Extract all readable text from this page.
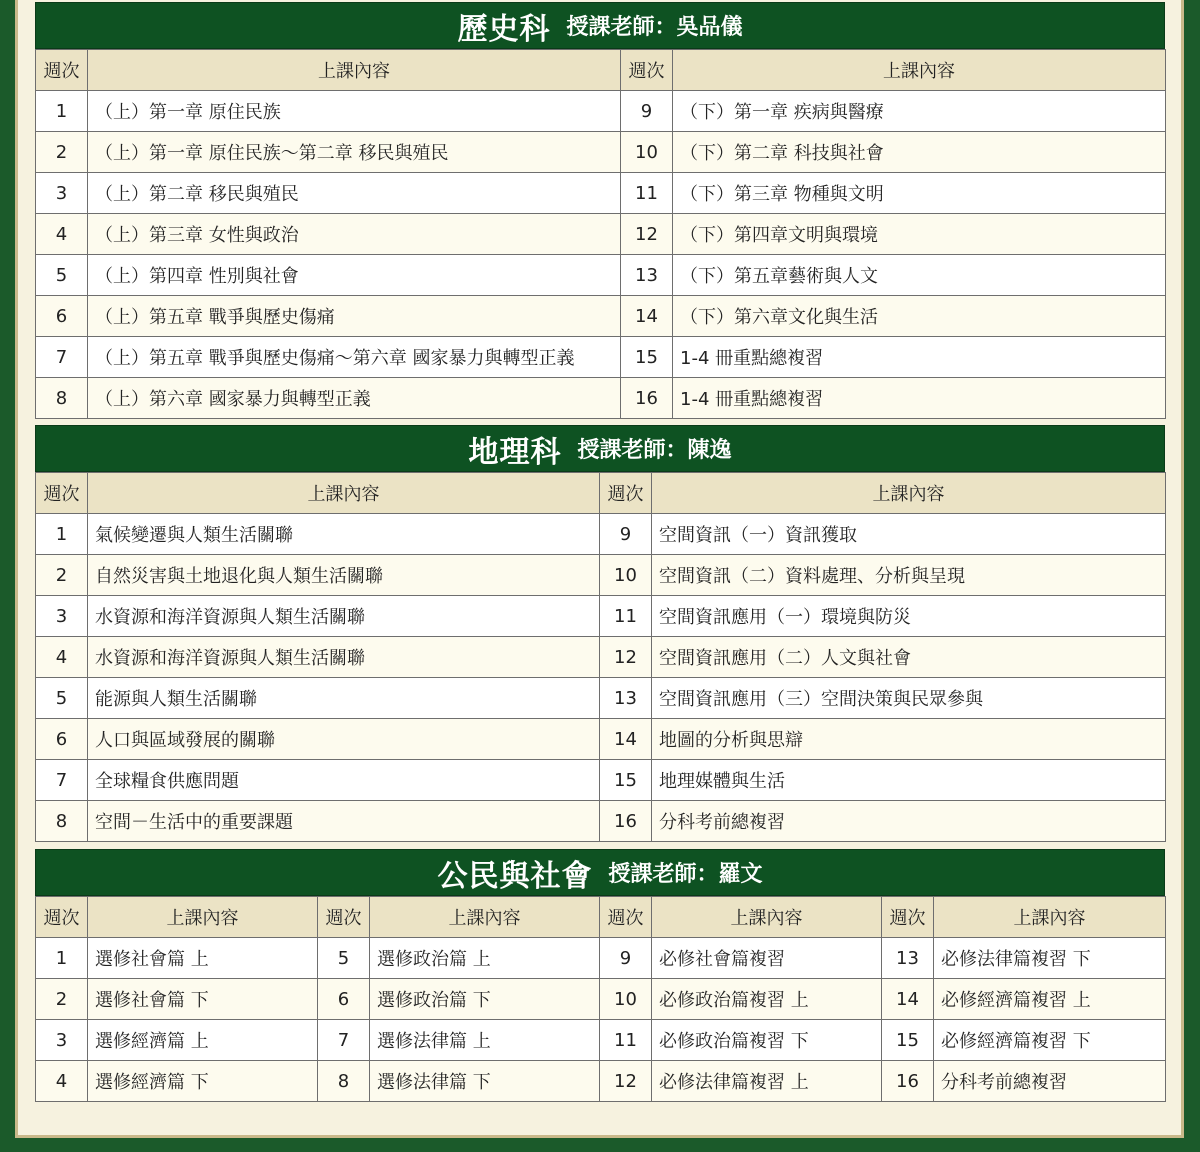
歷史科 授課老師：吳品儀
週次	上課內容	週次	上課內容
1	（上）第一章 原住民族	9	（下）第一章 疾病與醫療
2	（上）第一章 原住民族～第二章 移民與殖民	10	（下）第二章 科技與社會
3	（上）第二章 移民與殖民	11	（下）第三章 物種與文明
4	（上）第三章 女性與政治	12	（下）第四章文明與環境
5	（上）第四章 性別與社會	13	（下）第五章藝術與人文
6	（上）第五章 戰爭與歷史傷痛	14	（下）第六章文化與生活
7	（上）第五章 戰爭與歷史傷痛～第六章 國家暴力與轉型正義	15	1-4 冊重點總複習
8	（上）第六章 國家暴力與轉型正義	16	1-4 冊重點總複習
地理科 授課老師：陳逸
週次	上課內容	週次	上課內容
1	氣候變遷與人類生活關聯	9	空間資訊（一）資訊獲取
2	自然災害與土地退化與人類生活關聯	10	空間資訊（二）資料處理、分析與呈現
3	水資源和海洋資源與人類生活關聯	11	空間資訊應用（一）環境與防災
4	水資源和海洋資源與人類生活關聯	12	空間資訊應用（二）人文與社會
5	能源與人類生活關聯	13	空間資訊應用（三）空間決策與民眾參與
6	人口與區域發展的關聯	14	地圖的分析與思辯
7	全球糧食供應問題	15	地理媒體與生活
8	空間－生活中的重要課題	16	分科考前總複習
公民與社會 授課老師：羅文
週次	上課內容	週次	上課內容	週次	上課內容	週次	上課內容
1	選修社會篇 上	5	選修政治篇 上	9	必修社會篇複習	13	必修法律篇複習 下
2	選修社會篇 下	6	選修政治篇 下	10	必修政治篇複習 上	14	必修經濟篇複習 上
3	選修經濟篇 上	7	選修法律篇 上	11	必修政治篇複習 下	15	必修經濟篇複習 下
4	選修經濟篇 下	8	選修法律篇 下	12	必修法律篇複習 上	16	分科考前總複習
